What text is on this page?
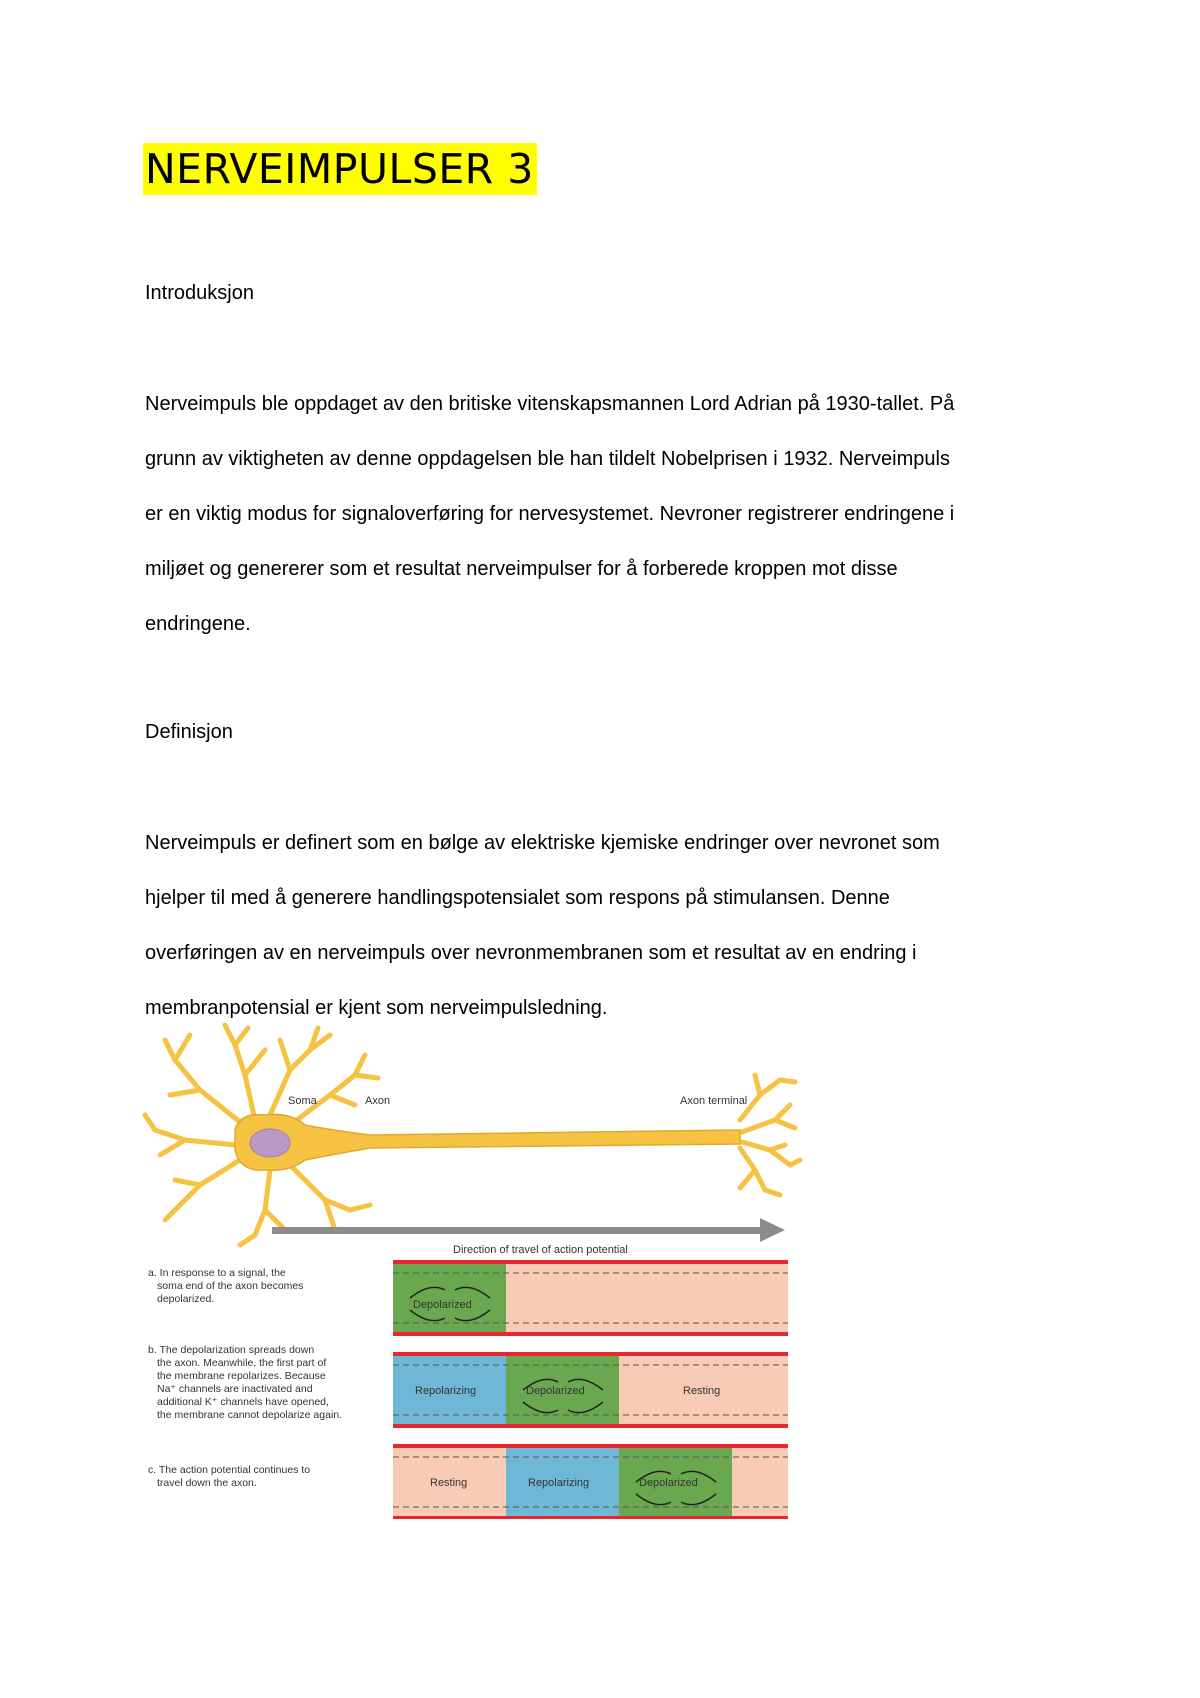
NERVEIMPULSER 3
Introduksjon
Nerveimpuls ble oppdaget av den britiske vitenskapsmannen Lord Adrian på 1930-tallet. På
grunn av viktigheten av denne oppdagelsen ble han tildelt Nobelprisen i 1932. Nerveimpuls
er en viktig modus for signaloverføring for nervesystemet. Nevroner registrerer endringene i
miljøet og genererer som et resultat nerveimpulser for å forberede kroppen mot disse
endringene.
Definisjon
Nerveimpuls er definert som en bølge av elektriske kjemiske endringer over nevronet som
hjelper til med å generere handlingspotensialet som respons på stimulansen. Denne
overføringen av en nerveimpuls over nevronmembranen som et resultat av en endring i
membranpotensial er kjent som nerveimpulsledning.
Soma	Axon	Axon terminal
Direction of travel of action potential
a. In response to a signal, the
soma end of the axon becomes
depolarized.
b. The depolarization spreads down
the axon. Meanwhile, the first part of
the membrane repolarizes. Because
Na⁺ channels are inactivated and
additional K⁺ channels have opened,
the membrane cannot depolarize again.
c. The action potential continues to
travel down the axon.
Depolarized
Repolarizing	Depolarized	Resting
Resting	Repolarizing	Depolarized
